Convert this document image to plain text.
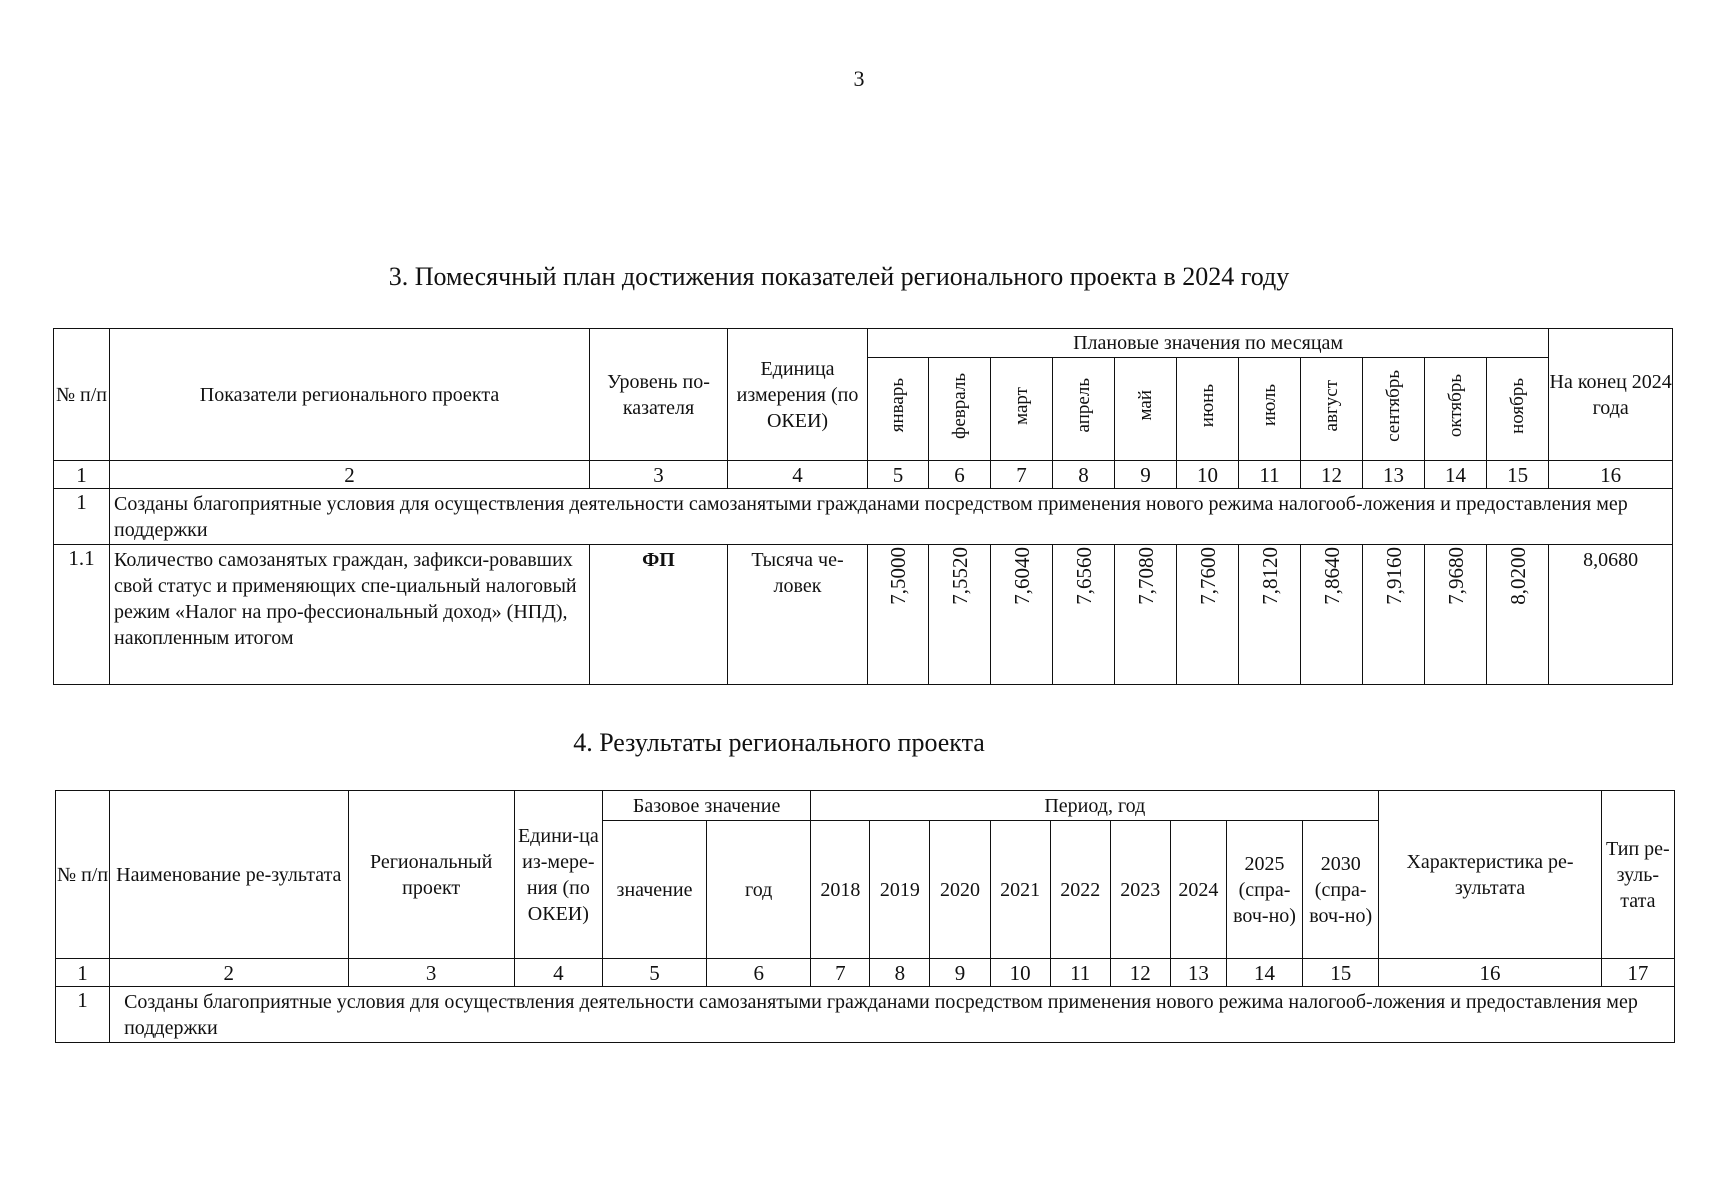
3
3. Помесячный план достижения показателей регионального проекта в 2024 году
№ п/п	Показатели регионального проекта	Уровень по-казателя	Единица измерения (по ОКЕИ)	Плановые значения по месяцам											На конец 2024 года
				январь	февраль	март	апрель	май	июнь	июль	август	сентябрь	октябрь	ноябрь	
1	2	3	4	5	6	7	8	9	10	11	12	13	14	15	16
1	Созданы благоприятные условия для осуществления деятельности самозанятыми гражданами посредством применения нового режима налогооб-ложения и предоставления мер поддержки														
1.1	Количество самозанятых граждан, зафикси-ровавших свой статус и применяющих спе-циальный налоговый режим «Налог на про-фессиональный доход» (НПД), накопленным итогом	ФП	Тысяча че-ловек	7,5000	7,5520	7,6040	7,6560	7,7080	7,7600	7,8120	7,8640	7,9160	7,9680	8,0200	8,0680
4. Результаты регионального проекта
№ п/п	Наименование ре-зультата	Региональный проект	Едини-ца из-мере-ния (по ОКЕИ)	Базовое значение		Период, год									Характеристика ре-зультата	Тип ре-зуль-тата
				значение	год	2018	2019	2020	2021	2022	2023	2024	2025 (спра-воч-но)	2030 (спра-воч-но)		
1	2	3	4	5	6	7	8	9	10	11	12	13	14	15	16	17
1	Созданы благоприятные условия для осуществления деятельности самозанятыми гражданами посредством применения нового режима налогооб-ложения и предоставления мер поддержки															
